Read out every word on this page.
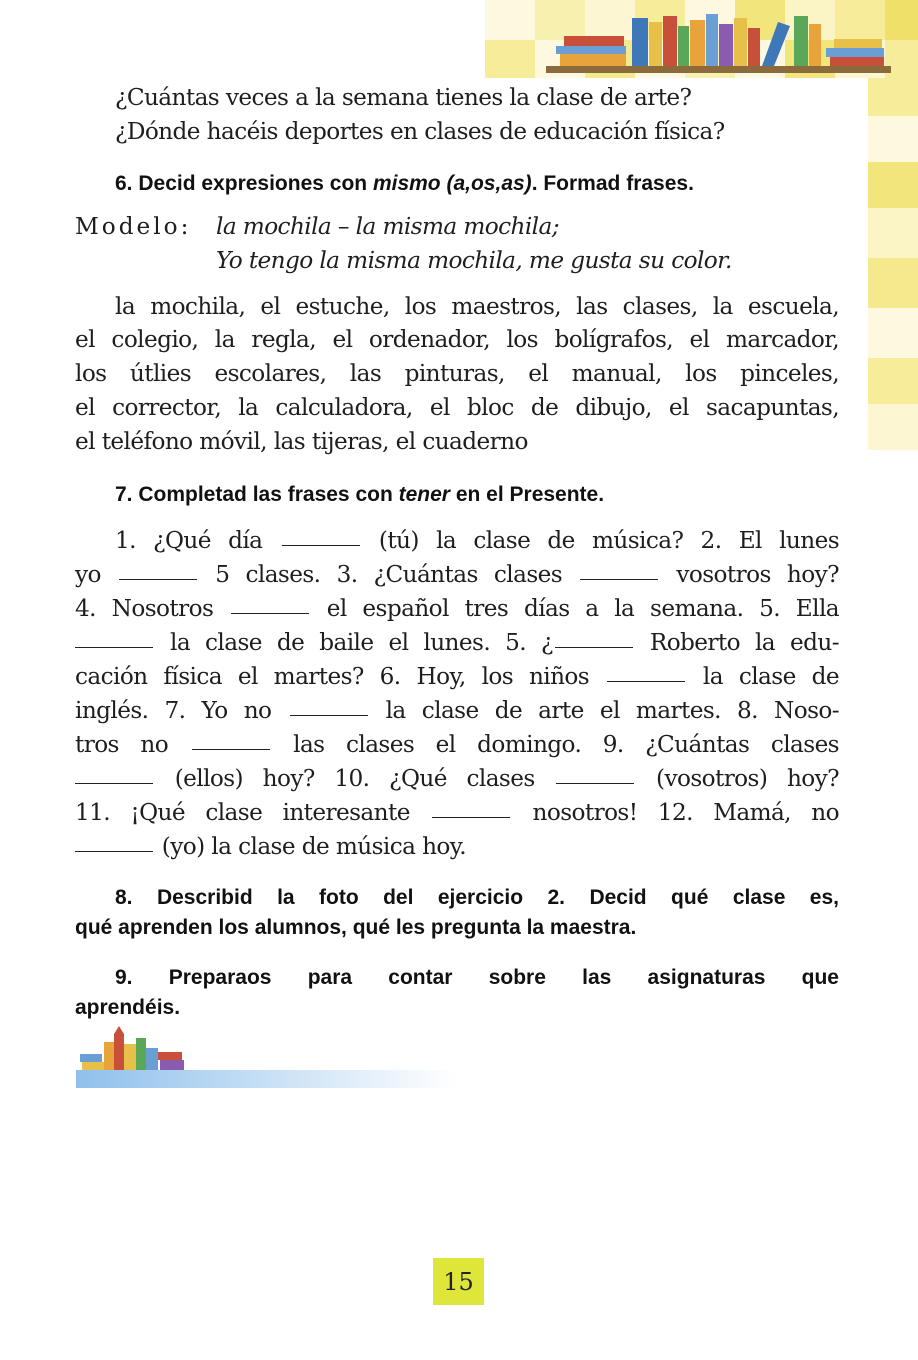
¿Cuántas veces a la semana tienes la clase de arte?
¿Dónde hacéis deportes en clases de educación física?
6. Decid expresiones con mismo (a,os,as). Formad frases.
Modelo: la mochila – la misma mochila;
Yo tengo la misma mochila, me gusta su color.
la mochila, el estuche, los maestros, las clases, la escuela,
el colegio, la regla, el ordenador, los bolígrafos, el marcador,
los útlies escolares, las pinturas, el manual, los pinceles,
el corrector, la calculadora, el bloc de dibujo, el sacapuntas,
el teléfono móvil, las tijeras, el cuaderno
7. Completad las frases con tener en el Presente.
1. ¿Qué día	(tú) la clase de música? 2. El lunes
yo	5 clases. 3. ¿Cuántas clases	vosotros hoy?
4. Nosotros	el español tres días a la semana. 5. Ella
la clase de baile el lunes. 5. ¿	Roberto la edu-
cación física el martes? 6. Hoy, los niños	la clase de
inglés. 7. Yo no	la clase de arte el martes. 8. Noso-
tros no	las clases el domingo. 9. ¿Cuántas clases
(ellos) hoy? 10. ¿Qué clases	(vosotros) hoy?
11. ¡Qué clase interesante	nosotros! 12. Mamá, no
(yo) la clase de música hoy.
8. Describid la foto del ejercicio 2. Decid qué clase es,
qué aprenden los alumnos, qué les pregunta la maestra.
9. Preparaos para contar sobre las asignaturas que
aprendéis.
15
